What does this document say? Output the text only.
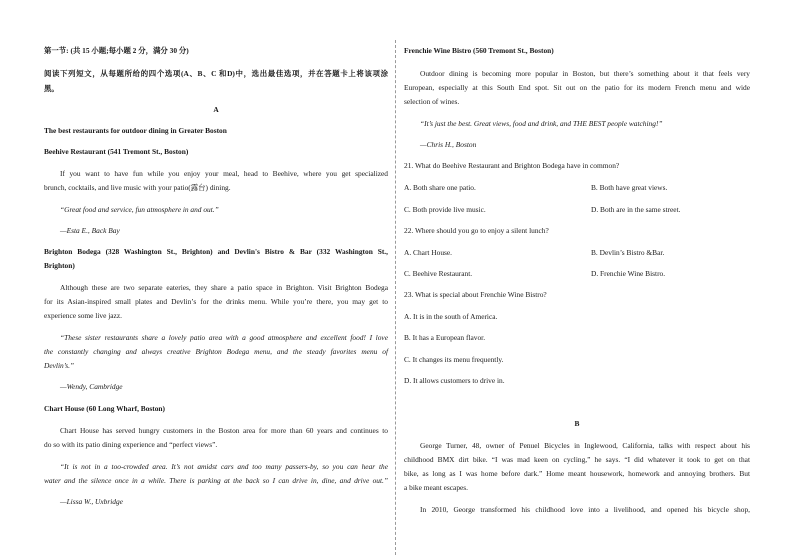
第一节: (共 15 小题;每小题 2 分，满分 30 分)
阅读下列短文，从每题所给的四个选项(A、B、C 和D)中，选出最佳选项，并在答题卡上将该项涂
黑。
A
The best restaurants for outdoor dining in Greater Boston
Beehive Restaurant (541 Tremont St., Boston)
If you want to have fun while you enjoy your meal, head to Beehive, where you get specialized
brunch, cocktails, and live music with your patio(露台) dining.
“Great food and service, fun atmosphere in and out.”
—Esta E., Back Bay
Brighton Bodega (328 Washington St., Brighton) and Devlin's Bistro & Bar (332 Washington St.,
Brighton)
Although these are two separate eateries, they share a patio space in Brighton. Visit Brighton Bodega
for its Asian-inspired small plates and Devlin’s for the drinks menu. While you’re there, you may get to
experience some live jazz.
“These sister restaurants share a lovely patio area with a good atmosphere and excellent food! I love
the constantly changing and always creative Brighton Bodega menu, and the steady favorites menu of
Devlin’s.”
—Wendy, Cambridge
Chart House (60 Long Wharf, Boston)
Chart House has served hungry customers in the Boston area for more than 60 years and continues to
do so with its patio dining experience and “perfect views”.
“It is not in a too-crowded area. It’s not amidst cars and too many passers-by, so you can hear the
water and the silence once in a while. There is parking at the back so I can drive in, dine, and drive out.”
—Lissa W., Uxbridge
Frenchie Wine Bistro (560 Tremont St., Boston)
Outdoor dining is becoming more popular in Boston, but there’s something about it that feels very
European, especially at this South End spot. Sit out on the patio for its modern French menu and wide
selection of wines.
“It’s just the best. Great views, food and drink, and THE BEST people watching!”
—Chris H., Boston
21. What do Beehive Restaurant and Brighton Bodega have in common?
A. Both share one patio.	B. Both have great views.
C. Both provide live music.	D. Both are in the same street.
22. Where should you go to enjoy a silent lunch?
A. Chart House.	B. Devlin’s Bistro &Bar.
C. Beehive Restaurant.	D. Frenchie Wine Bistro.
23. What is special about Frenchie Wine Bistro?
A. It is in the south of America.
B. It has a European flavor.
C. It changes its menu frequently.
D. It allows customers to drive in.
B
George Turner, 48, owner of Penuel Bicycles in Inglewood, California, talks with respect about his
childhood BMX dirt bike. “I was mad keen on cycling,” he says. “I did whatever it took to get on that
bike, as long as I was home before dark.” Home meant housework, homework and annoying brothers. But
a bike meant escapes.
In 2010, George transformed his childhood love into a livelihood, and opened his bicycle shop,
